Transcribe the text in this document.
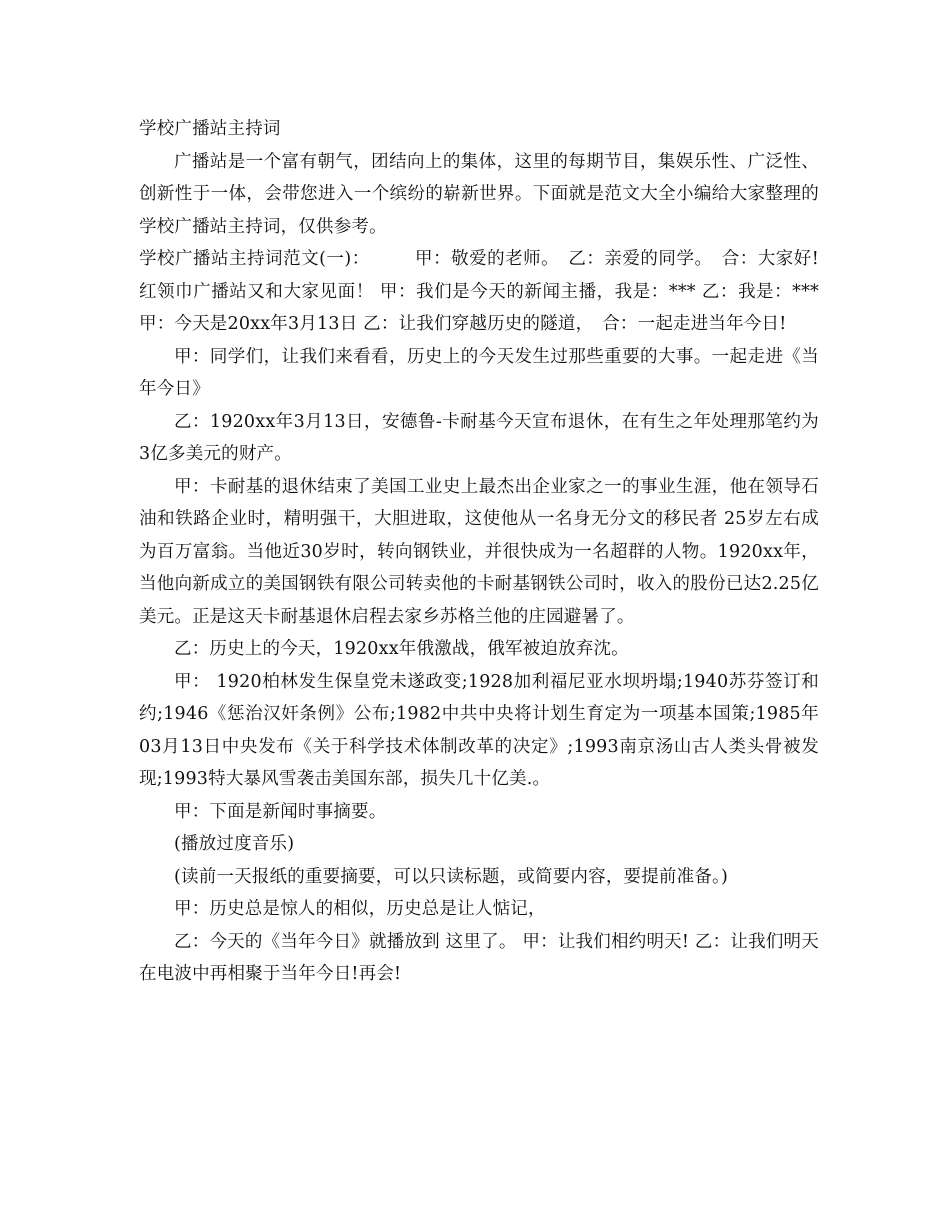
学校广播站主持词

广播站是一个富有朝气，团结向上的集体，这里的每期节目，集娱乐性、广泛性、创新性于一体，会带您进入一个缤纷的崭新世界。下面就是范文大全小编给大家整理的学校广播站主持词，仅供参考。

学校广播站主持词范文(一)：　　　甲：敬爱的老师。　乙：亲爱的同学。　合：大家好!红领巾广播站又和大家见面！ 甲：我们是今天的新闻主播，我是：*** 乙：我是：*** 甲：今天是20xx年3月13日 乙：让我们穿越历史的隧道，　合：一起走进当年今日!

甲：同学们，让我们来看看，历史上的今天发生过那些重要的大事。一起走进《当年今日》

乙：1920xx年3月13日，安德鲁-卡耐基今天宣布退休，在有生之年处理那笔约为3亿多美元的财产。

甲：卡耐基的退休结束了美国工业史上最杰出企业家之一的事业生涯，他在领导石油和铁路企业时，精明强干，大胆进取，这使他从一名身无分文的移民者 25岁左右成为百万富翁。当他近30岁时，转向钢铁业，并很快成为一名超群的人物。1920xx年，当他向新成立的美国钢铁有限公司转卖他的卡耐基钢铁公司时，收入的股份已达2.25亿美元。正是这天卡耐基退休启程去家乡苏格兰他的庄园避暑了。

乙：历史上的今天，1920xx年俄激战，俄军被迫放弃沈。

甲： 1920柏林发生保皇党未遂政变;1928加利福尼亚水坝坍塌;1940苏芬签订和约;1946《惩治汉奸条例》公布;1982中共中央将计划生育定为一项基本国策;1985年03月13日中央发布《关于科学技术体制改革的决定》;1993南京汤山古人类头骨被发现;1993特大暴风雪袭击美国东部，损失几十亿美.。

甲：下面是新闻时事摘要。

(播放过度音乐)

(读前一天报纸的重要摘要，可以只读标题，或简要内容，要提前准备。)

甲：历史总是惊人的相似，历史总是让人惦记，

乙：今天的《当年今日》就播放到 这里了。 甲：让我们相约明天! 乙：让我们明天在电波中再相聚于当年今日!再会!
